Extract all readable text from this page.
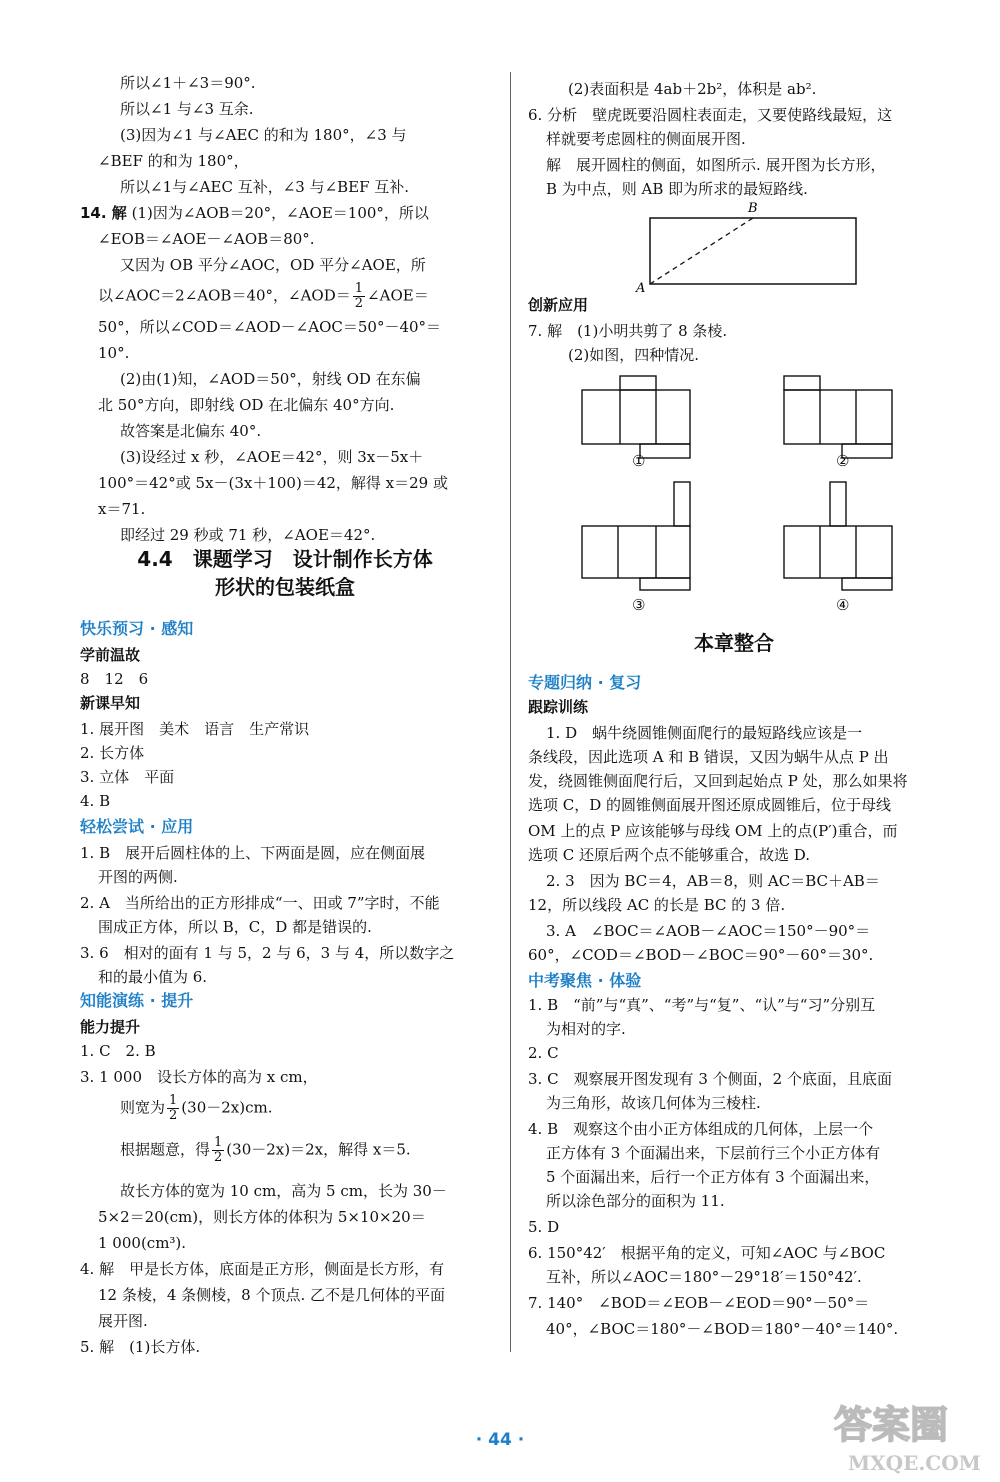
所以∠1＋∠3＝90°.
所以∠1 与∠3 互余.
(3)因为∠1 与∠AEC 的和为 180°，∠3 与
∠BEF 的和为 180°，
所以∠1与∠AEC 互补，∠3 与∠BEF 互补.
14. 解 (1)因为∠AOB＝20°，∠AOE＝100°，所以
∠EOB＝∠AOE－∠AOB＝80°.
又因为 OB 平分∠AOC，OD 平分∠AOE，所
以∠AOC＝2∠AOB＝40°，∠AOD＝ $\frac{1}{2}$ ∠AOE＝
50°，所以∠COD＝∠AOD－∠AOC＝50°－40°＝
10°.
(2)由(1)知，∠AOD＝50°，射线 OD 在东偏
北 50°方向，即射线 OD 在北偏东 40°方向.
故答案是北偏东 40°.
(3)设经过 x 秒，∠AOE＝42°，则 3x－5x＋
100°＝42°或 5x－(3x＋100)＝42，解得 x＝29 或
x＝71.
即经过 29 秒或 71 秒，∠AOE＝42°.
4.4　课题学习　设计制作长方体
形状的包装纸盒
快乐预习 · 感知
学前温故
8　12　6
新课早知
1. 展开图　美术　语言　生产常识
2. 长方体
3. 立体　平面
4. B
轻松尝试 · 应用
1. B　展开后圆柱体的上、下两面是圆，应在侧面展
开图的两侧.
2. A　当所给出的正方形排成“一、田或 7”字时，不能
围成正方体，所以 B，C，D 都是错误的.
3. 6　相对的面有 1 与 5，2 与 6，3 与 4，所以数字之
和的最小值为 6.
知能演练 · 提升
能力提升
1. C　2. B
3. 1 000　设长方体的高为 x cm，
则宽为 $\frac{1}{2} (30-2x)cm$.
根据题意，得 $\frac{1}{2} (30-2x)=2x$，解得 x＝5.
故长方体的宽为 10 cm，高为 5 cm，长为 30－
5×2＝20(cm)，则长方体的体积为 5×10×20＝
1 000(cm³).
4. 解　甲是长方体，底面是正方形，侧面是长方形，有
12 条棱，4 条侧棱，8 个顶点. 乙不是几何体的平面
展开图.
5. 解　(1)长方体.
(2)表面积是 4ab＋2b²，体积是 ab².
6. 分析　壁虎既要沿圆柱表面走，又要使路线最短，这
样就要考虑圆柱的侧面展开图.
解　展开圆柱的侧面，如图所示. 展开图为长方形，
B 为中点，则 AB 即为所求的最短路线.
B
A
创新应用
7. 解　(1)小明共剪了 8 条棱.
(2)如图，四种情况.
①	②
③	④
本章整合
专题归纳 · 复习
跟踪训练
1. D　蜗牛绕圆锥侧面爬行的最短路线应该是一
条线段，因此选项 A 和 B 错误，又因为蜗牛从点 P 出
发，绕圆锥侧面爬行后，又回到起始点 P 处，那么如果将
选项 C，D 的圆锥侧面展开图还原成圆锥后，位于母线
OM 上的点 P 应该能够与母线 OM 上的点(P′)重合，而
选项 C 还原后两个点不能够重合，故选 D.
2. 3　因为 BC＝4，AB＝8，则 AC＝BC＋AB＝
12，所以线段 AC 的长是 BC 的 3 倍.
3. A　∠BOC＝∠AOB－∠AOC＝150°－90°＝
60°，∠COD＝∠BOD－∠BOC＝90°－60°＝30°.
中考聚焦 · 体验
1. B　“前”与“真”、“考”与“复”、“认”与“习”分别互
为相对的字.
2. C
3. C　观察展开图发现有 3 个侧面，2 个底面，且底面
为三角形，故该几何体为三棱柱.
4. B　观察这个由小正方体组成的几何体，上层一个
正方体有 3 个面漏出来，下层前行三个小正方体有
5 个面漏出来，后行一个正方体有 3 个面漏出来，
所以涂色部分的面积为 11.
5. D
6. 150°42′　根据平角的定义，可知∠AOC 与∠BOC
互补，所以∠AOC＝180°－29°18′＝150°42′.
7. 140°　∠BOD＝∠EOB－∠EOD＝90°－50°＝
40°，∠BOC＝180°－∠BOD＝180°－40°＝140°.
· 44 ·	答案圈
MXQE.COM
